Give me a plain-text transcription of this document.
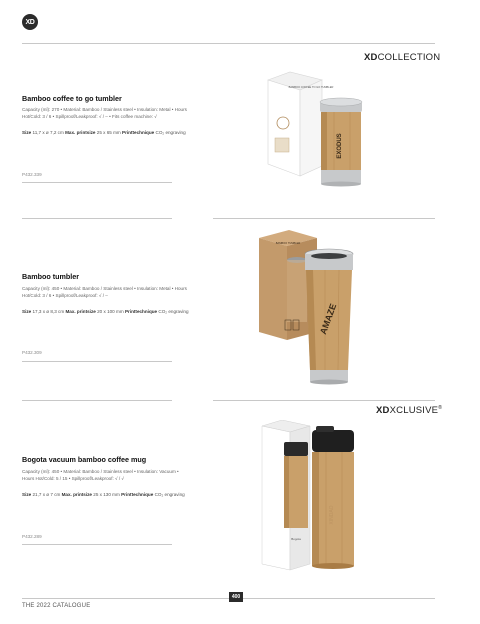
XD
XDCOLLECTION
Bamboo coffee to go tumbler
Capacity (ml): 270 • Material: Bamboo / Stainless steel • Insulation: Metal • Hours Hot/Cold: 3 / 6 • Spillproof/Leakproof: √ / – • Fits coffee machine: √
Size 11,7 x ø 7,2 cm Max. printsize 25 x 65 mm Printtechnique CO₂ engraving
P432.339
BAMBOO COFFEE TO GO TUMBLER
EXODUS
Bamboo tumbler
Capacity (ml): 450 • Material: Bamboo / Stainless steel • Insulation: Metal • Hours Hot/Cold: 3 / 6 • Spillproof/Leakproof: √ / –
Size 17,3 x ø 8,3 cm Max. printsize 20 x 100 mm Printtechnique CO₂ engraving
P432.309
BAMBOO TUMBLER
AMAZE
XDXCLUSIVE®
Bogota vacuum bamboo coffee mug
Capacity (ml): 450 • Material: Bamboo / Stainless steel • Insulation: Vacuum • Hours Hot/Cold: 5 / 15 • Spillproof/Leakproof: √ / √
Size 21,7 x ø 7 cm Max. printsize 25 x 130 mm Printtechnique CO₂ engraving
P432.289	Bogota
XINDAO
THE 2022 CATALOGUE
400
